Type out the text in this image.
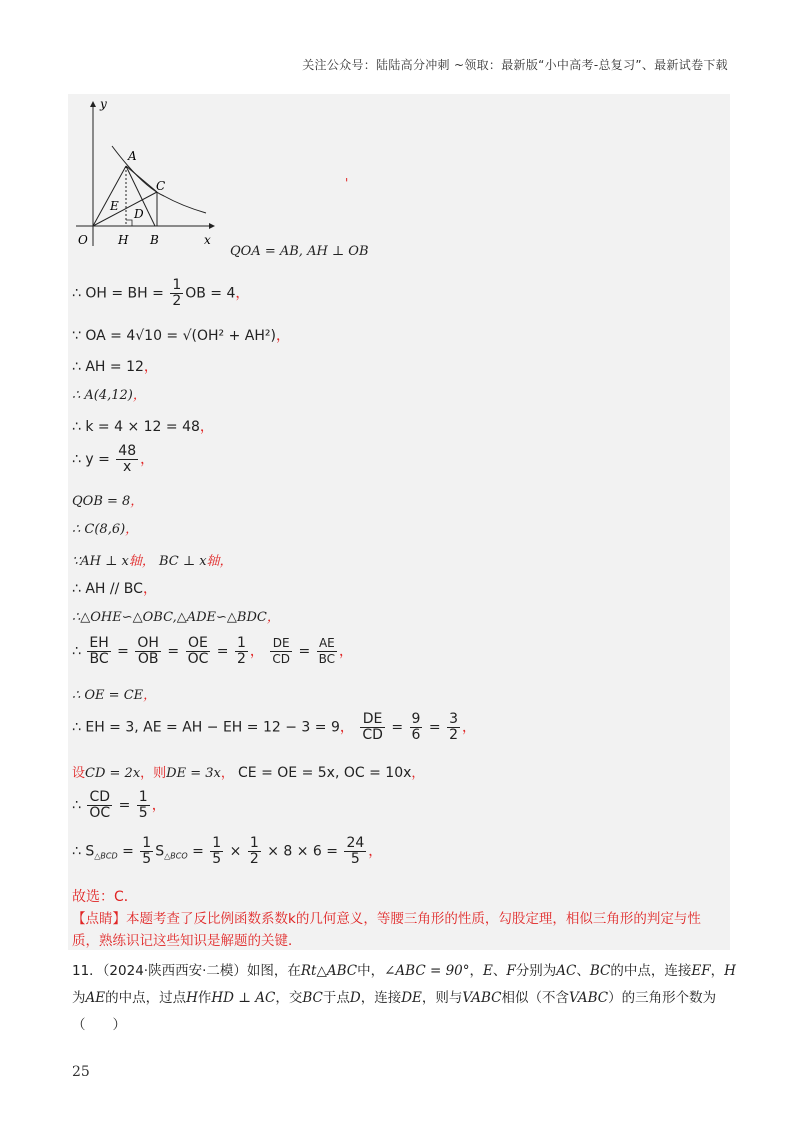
关注公众号：陆陆高分冲刺 ~领取：最新版“小中高考-总复习”、最新试卷下载
y
x
O
A
C
E
D
H B
'
QOA = AB, AH ⊥ OB
∴ OH = BH = $\frac{1}{2}$ OB = 4，
∵ OA = 4√10 = √(OH² + AH²)，
∴ AH = 12，
∴ A(4,12)，
∴ k = 4 × 12 = 48，
∴ $y = \frac{48}{x}$ ，
QOB = 8，
∴ C(8,6)，
∵AH ⊥ x轴， BC ⊥ x轴，
∴ AH // BC，
∴△OHE∽△OBC,△ADE∽△BDC，
∴ $\frac{EH}{BC} = \frac{OH}{OB} = \frac{OE}{OC} = \frac{1}{2}$ ， $\frac{DE}{CD} = \frac{AE}{BC}$ ，
∴ OE = CE，
∴ EH = 3, AE = AH − EH = 12 − 3 = 9， $\frac{DE}{CD} = \frac{9}{6} = \frac{3}{2}$ ，
设CD = 2x，则DE = 3x， CE = OE = 5x, OC = 10x，
∴ $\frac{CD}{OC} = \frac{1}{5}$ ，
∴ $S_{\triangle BCD} = \frac{1}{5} S_{\triangle BCO} = \frac{1}{5} \times \frac{1}{2} \times 8 \times 6 = \frac{24}{5}$ ，
故选：C．
【点睛】本题考查了反比例函数系数k的几何意义，等腰三角形的性质，勾股定理，相似三角形的判定与性质，熟练识记这些知识是解题的关键．
11．（2024·陕西西安·二模）如图，在Rt△ABC中，∠ABC = 90°，E、F分别为AC、BC的中点，连接EF，H为AE的中点，过点H作HD ⊥ AC，交BC于点D，连接DE，则与VABC相似（不含VABC）的三角形个数为（　　）
25
